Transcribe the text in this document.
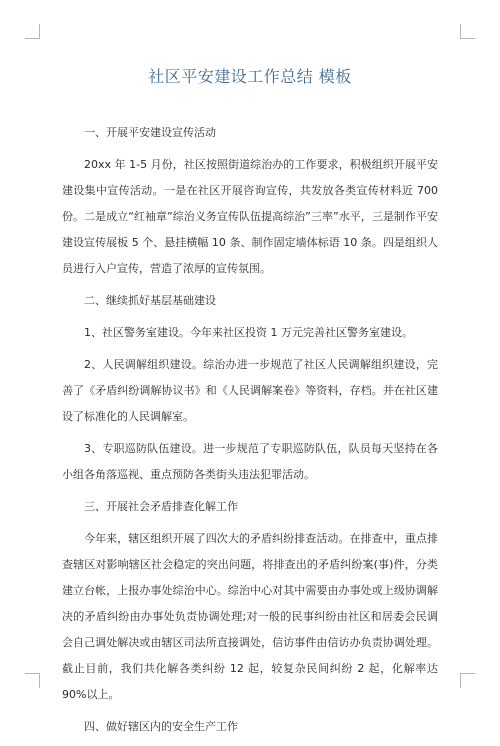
社区平安建设工作总结 模板

一、开展平安建设宣传活动

20xx 年 1-5 月份，社区按照街道综治办的工作要求，积极组织开展平安建设集中宣传活动。一是在社区开展咨询宣传，共发放各类宣传材料近 700 份。二是成立“红袖章”综治义务宣传队伍提高综治”三率”水平，三是制作平安建设宣传展板 5 个、悬挂横幅 10 条、制作固定墙体标语 10 条。四是组织人员进行入户宣传，营造了浓厚的宣传氛围。

二、继续抓好基层基础建设

1、社区警务室建设。今年来社区投资 1 万元完善社区警务室建设。

2、人民调解组织建设。综治办进一步规范了社区人民调解组织建设，完善了《矛盾纠纷调解协议书》和《人民调解案卷》等资料，存档。并在社区建设了标准化的人民调解室。

3、专职巡防队伍建设。进一步规范了专职巡防队伍，队员每天坚持在各小组各角落巡视、重点预防各类街头违法犯罪活动。

三、开展社会矛盾排查化解工作

今年来，辖区组织开展了四次大的矛盾纠纷排查活动。在排查中，重点排查辖区对影响辖区社会稳定的突出问题，将排查出的矛盾纠纷案(事)件，分类建立台帐，上报办事处综治中心。综治中心对其中需要由办事处或上级协调解决的矛盾纠纷由办事处负责协调处理;对一般的民事纠纷由社区和居委会民调会自己调处解决或由辖区司法所直接调处，信访事件由信访办负责协调处理。截止目前，我们共化解各类纠纷 12 起，较复杂民间纠纷 2 起，化解率达 90%以上。

四、做好辖区内的安全生产工作
